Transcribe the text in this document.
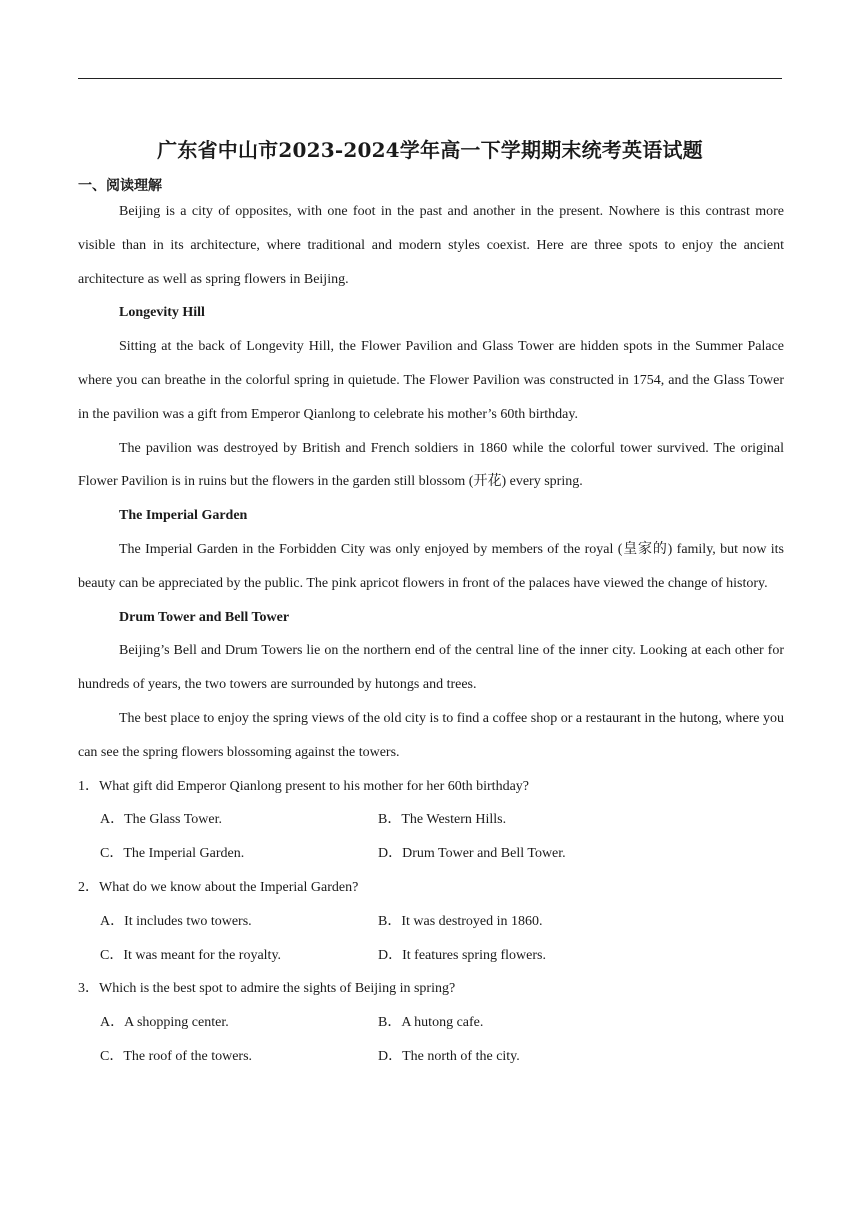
广东省中山市2023-2024学年高一下学期期末统考英语试题
一、阅读理解

Beijing is a city of opposites, with one foot in the past and another in the present. Nowhere is this contrast more visible than in its architecture, where traditional and modern styles coexist. Here are three spots to enjoy the ancient architecture as well as spring flowers in Beijing.

Longevity Hill

Sitting at the back of Longevity Hill, the Flower Pavilion and Glass Tower are hidden spots in the Summer Palace where you can breathe in the colorful spring in quietude. The Flower Pavilion was constructed in 1754, and the Glass Tower in the pavilion was a gift from Emperor Qianlong to celebrate his mother’s 60th birthday.

The pavilion was destroyed by British and French soldiers in 1860 while the colorful tower survived. The original Flower Pavilion is in ruins but the flowers in the garden still blossom (开花) every spring.

The Imperial Garden

The Imperial Garden in the Forbidden City was only enjoyed by members of the royal (皇家的) family, but now its beauty can be appreciated by the public. The pink apricot flowers in front of the palaces have viewed the change of history.

Drum Tower and Bell Tower

Beijing’s Bell and Drum Towers lie on the northern end of the central line of the inner city. Looking at each other for hundreds of years, the two towers are surrounded by hutongs and trees.

The best place to enjoy the spring views of the old city is to find a coffee shop or a restaurant in the hutong, where you can see the spring flowers blossoming against the towers.

1．What gift did Emperor Qianlong present to his mother for her 60th birthday?

A．The Glass Tower.	B．The Western Hills.
C．The Imperial Garden.	D．Drum Tower and Bell Tower.

2．What do we know about the Imperial Garden?

A．It includes two towers.	B．It was destroyed in 1860.
C．It was meant for the royalty.	D．It features spring flowers.

3．Which is the best spot to admire the sights of Beijing in spring?

A．A shopping center.	B．A hutong cafe.
C．The roof of the towers.	D．The north of the city.
